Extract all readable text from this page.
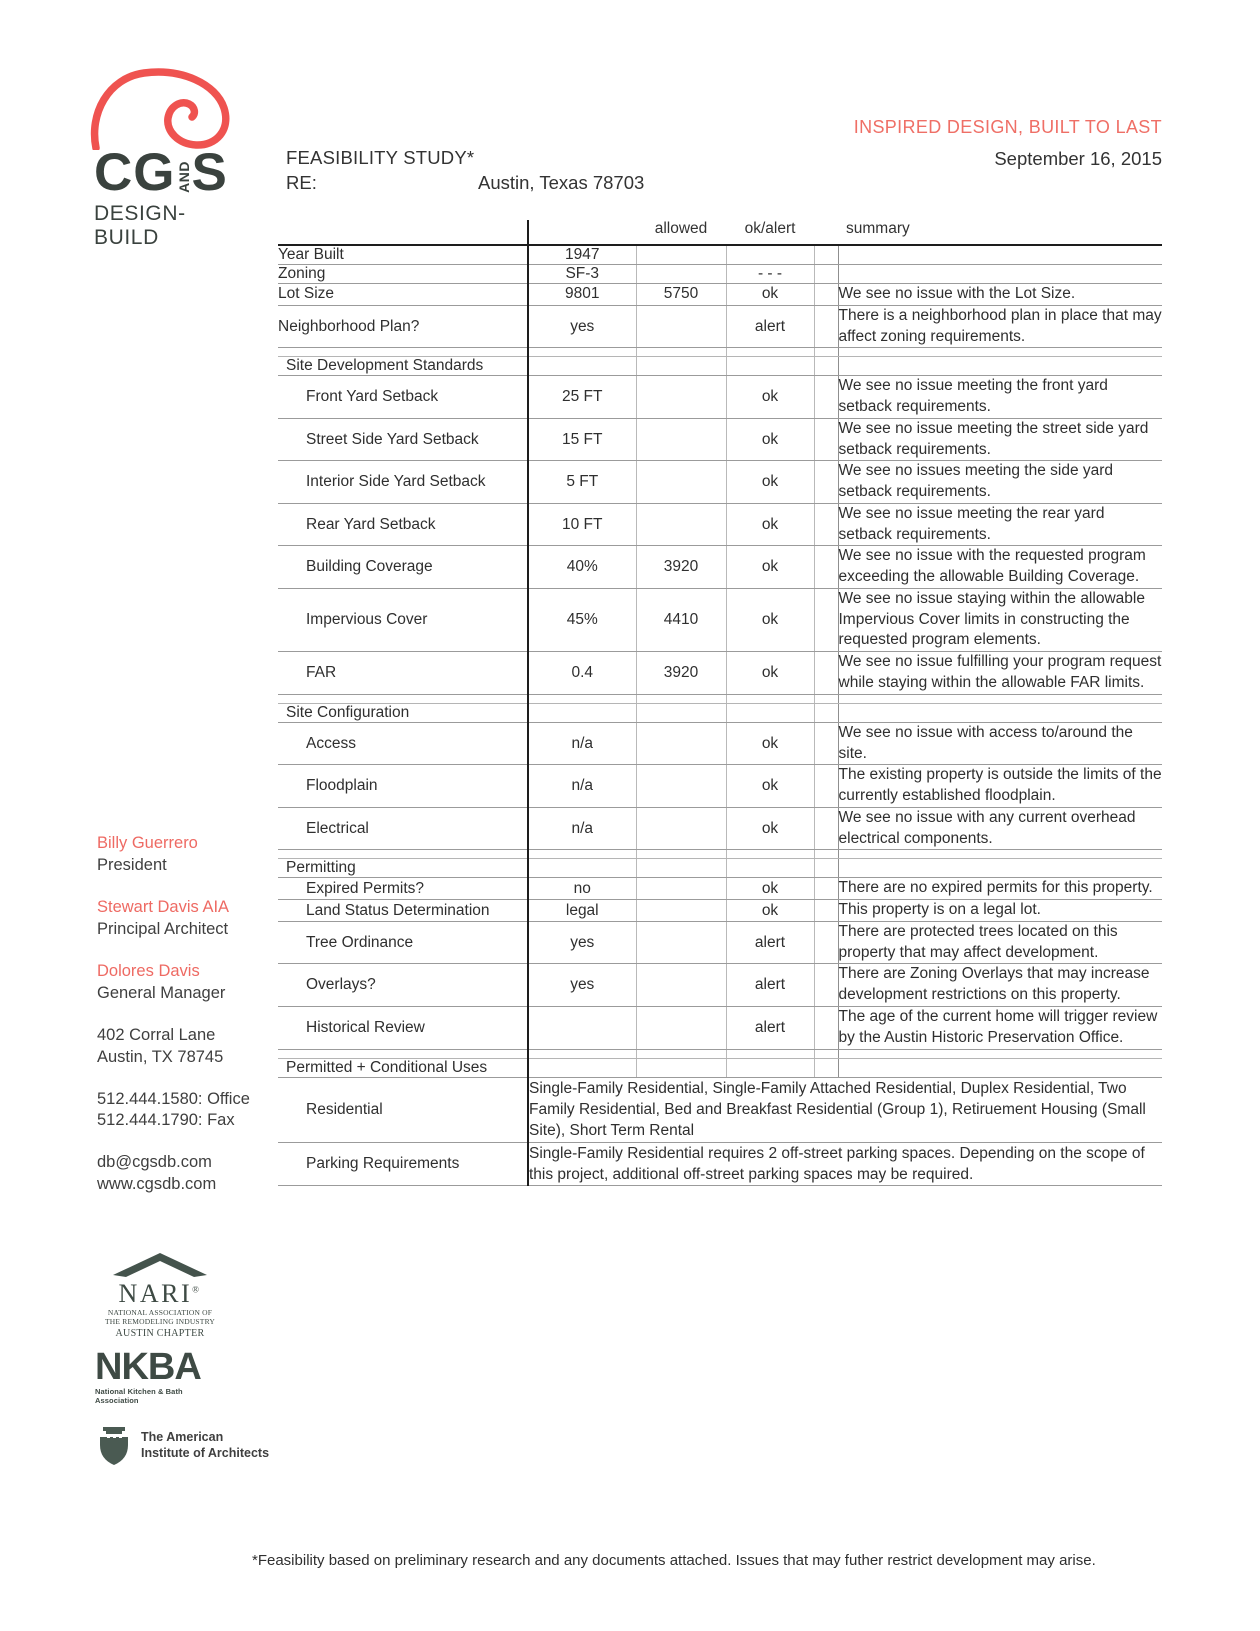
CG AND S
DESIGN-BUILD
Billy Guerrero
President
Stewart Davis AIA
Principal Architect
Dolores Davis
General Manager
402 Corral Lane
Austin, TX 78745
512.444.1580: Office
512.444.1790: Fax
db@cgsdb.com
www.cgsdb.com
NARI®
NATIONAL ASSOCIATION OF
THE REMODELING INDUSTRY
AUSTIN CHAPTER
NKBA
National Kitchen & Bath Association
The American
Institute of Architects
FEASIBILITY STUDY*
RE:	Austin, Texas 78703
INSPIRED DESIGN, BUILT TO LAST
September 16, 2015
		allowed	ok/alert		summary
Year Built	1947				
Zoning	SF-3		- - -		
Lot Size	9801	5750	ok		We see no issue with the Lot Size.
Neighborhood Plan?	yes		alert		There is a neighborhood plan in place that may affect zoning requirements.

Site Development Standards					
Front Yard Setback	25 FT		ok		We see no issue meeting the front yard setback requirements.
Street Side Yard Setback	15 FT		ok		We see no issue meeting the street side yard setback requirements.
Interior Side Yard Setback	5 FT		ok		We see no issues meeting the side yard setback requirements.
Rear Yard Setback	10 FT		ok		We see no issue meeting the rear yard setback requirements.
Building Coverage	40%	3920	ok		We see no issue with the requested program exceeding the allowable Building Coverage.
Impervious Cover	45%	4410	ok		We see no issue staying within the allowable Impervious Cover limits in constructing the requested program elements.
FAR	0.4	3920	ok		We see no issue fulfilling your program request while staying within the allowable FAR limits.

Site Configuration					
Access	n/a		ok		We see no issue with access to/around the site.
Floodplain	n/a		ok		The existing property is outside the limits of the currently established floodplain.
Electrical	n/a		ok		We see no issue with any current overhead electrical components.

Permitting					
Expired Permits?	no		ok		There are no expired permits for this property.
Land Status Determination	legal		ok		This property is on a legal lot.
Tree Ordinance	yes		alert		There are protected trees located on this property that may affect development.
Overlays?	yes		alert		There are Zoning Overlays that may increase development restrictions on this property.
Historical Review			alert		The age of the current home will trigger review by the Austin Historic Preservation Office.

Permitted + Conditional Uses					
Residential	Single-Family Residential, Single-Family Attached Residential, Duplex Residential, Two Family Residential, Bed and Breakfast Residential (Group 1), Retiruement Housing (Small Site), Short Term Rental				
Parking Requirements	Single-Family Residential requires 2 off-street parking spaces. Depending on the scope of this project, additional off-street parking spaces may be required.				
*Feasibility based on preliminary research and any documents attached. Issues that may futher restrict development may arise.
